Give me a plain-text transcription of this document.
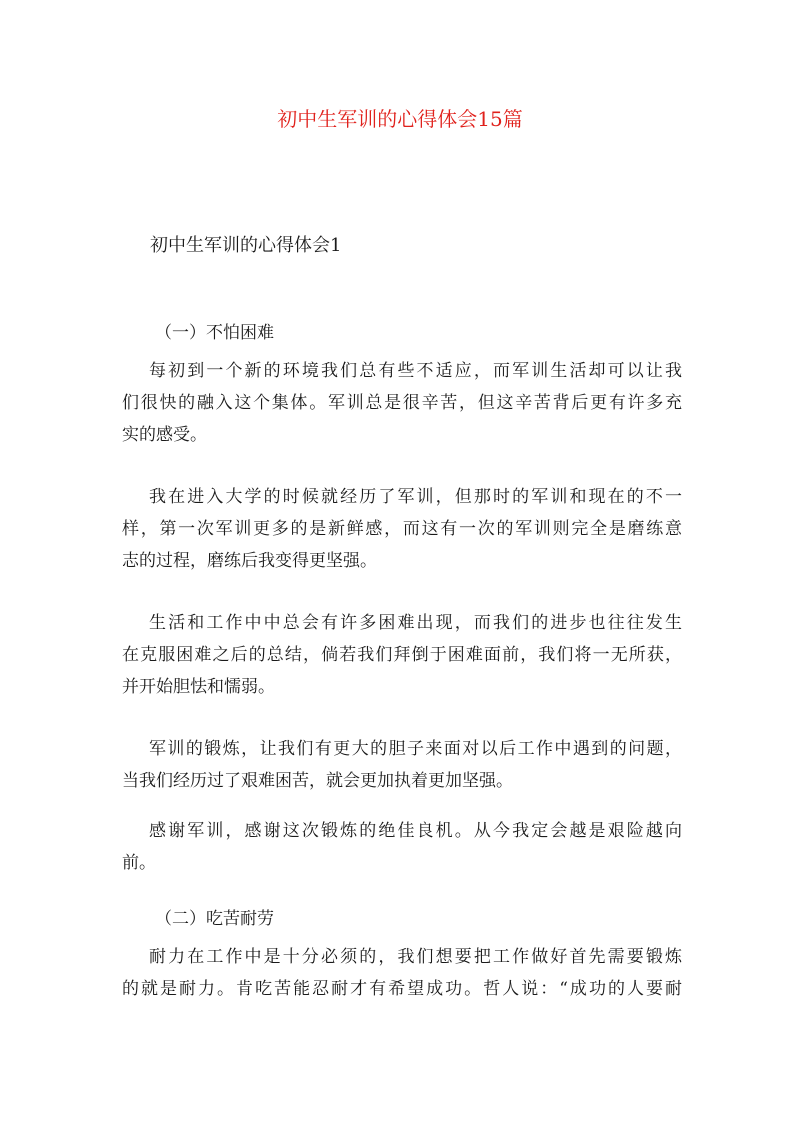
初中生军训的心得体会15篇
初中生军训的心得体会1
（一）不怕困难
每初到一个新的环境我们总有些不适应，而军训生活却可以让我
们很快的融入这个集体。军训总是很辛苦，但这辛苦背后更有许多充
实的感受。
我在进入大学的时候就经历了军训，但那时的军训和现在的不一
样，第一次军训更多的是新鲜感，而这有一次的军训则完全是磨练意
志的过程，磨练后我变得更坚强。
生活和工作中中总会有许多困难出现，而我们的进步也往往发生
在克服困难之后的总结，倘若我们拜倒于困难面前，我们将一无所获，
并开始胆怯和懦弱。
军训的锻炼，让我们有更大的胆子来面对以后工作中遇到的问题，
当我们经历过了艰难困苦，就会更加执着更加坚强。
感谢军训，感谢这次锻炼的绝佳良机。从今我定会越是艰险越向
前。
（二）吃苦耐劳
耐力在工作中是十分必须的，我们想要把工作做好首先需要锻炼
的就是耐力。肯吃苦能忍耐才有希望成功。哲人说：“成功的人要耐
